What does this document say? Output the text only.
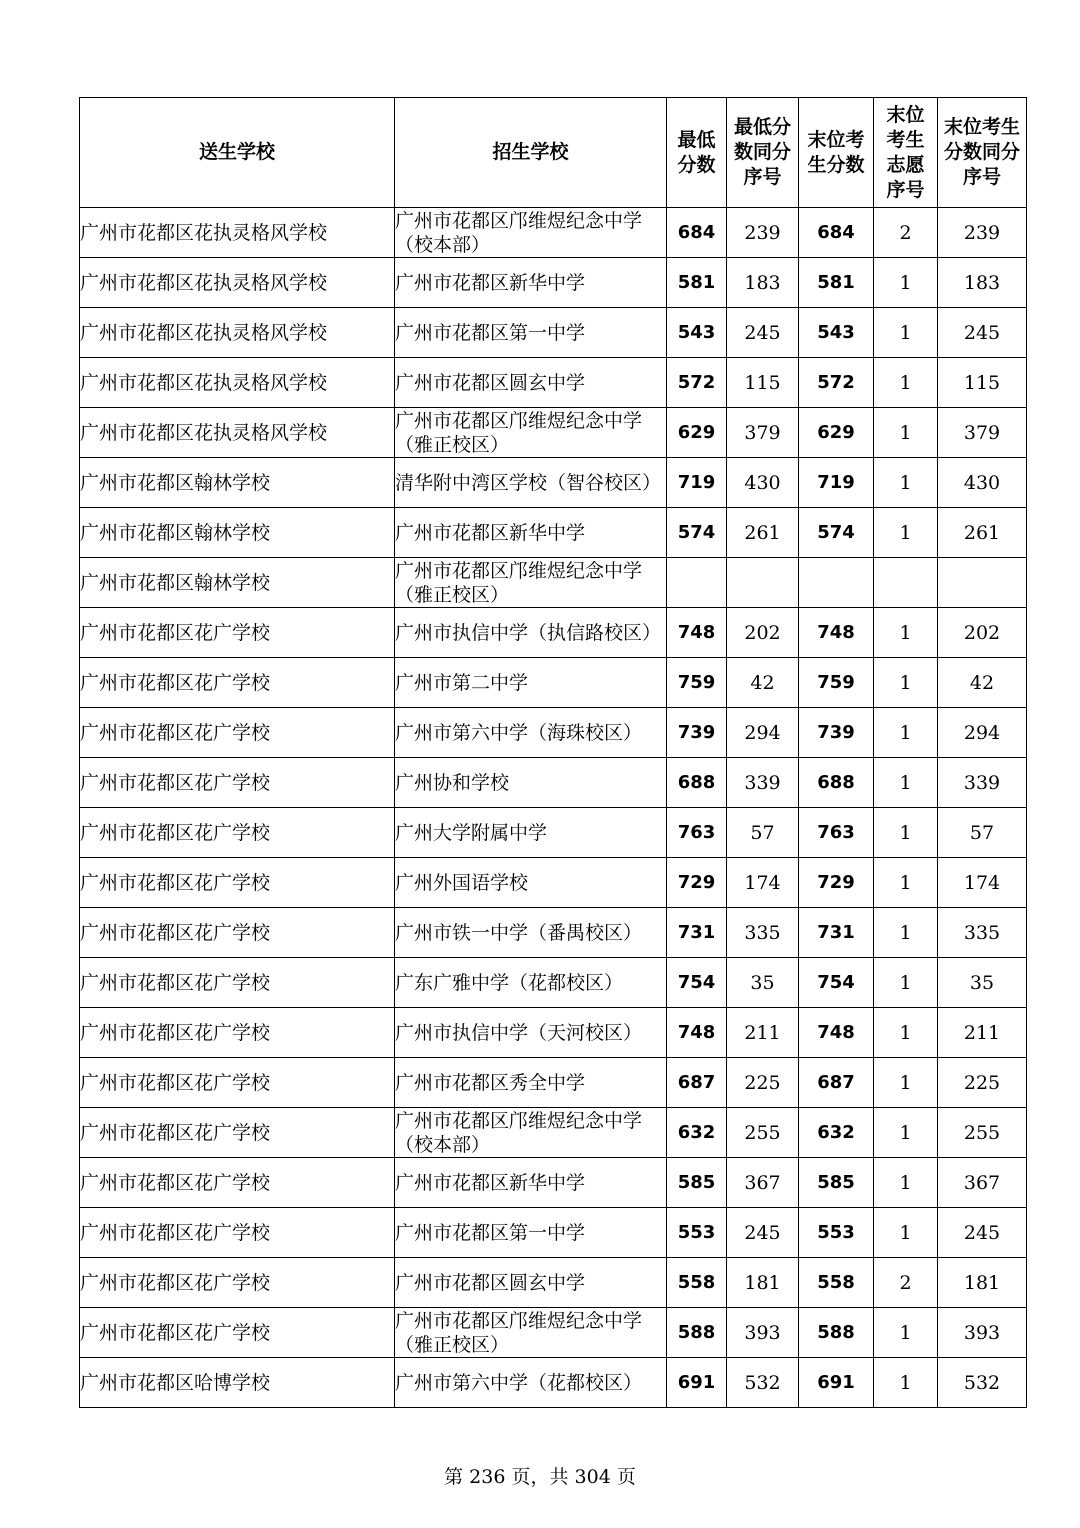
送生学校	招生学校	最低分数	最低分数同分序号	末位考生分数	末位考生志愿序号	末位考生分数同分序号

广州市花都区花执灵格风学校	广州市花都区邝维煜纪念中学（校本部）	684	239	684	2	239
广州市花都区花执灵格风学校	广州市花都区新华中学	581	183	581	1	183
广州市花都区花执灵格风学校	广州市花都区第一中学	543	245	543	1	245
广州市花都区花执灵格风学校	广州市花都区圆玄中学	572	115	572	1	115
广州市花都区花执灵格风学校	广州市花都区邝维煜纪念中学（雅正校区）	629	379	629	1	379
广州市花都区翰林学校	清华附中湾区学校（智谷校区）	719	430	719	1	430
广州市花都区翰林学校	广州市花都区新华中学	574	261	574	1	261
广州市花都区翰林学校	广州市花都区邝维煜纪念中学（雅正校区）					
广州市花都区花广学校	广州市执信中学（执信路校区）	748	202	748	1	202
广州市花都区花广学校	广州市第二中学	759	42	759	1	42
广州市花都区花广学校	广州市第六中学（海珠校区）	739	294	739	1	294
广州市花都区花广学校	广州协和学校	688	339	688	1	339
广州市花都区花广学校	广州大学附属中学	763	57	763	1	57
广州市花都区花广学校	广州外国语学校	729	174	729	1	174
广州市花都区花广学校	广州市铁一中学（番禺校区）	731	335	731	1	335
广州市花都区花广学校	广东广雅中学（花都校区）	754	35	754	1	35
广州市花都区花广学校	广州市执信中学（天河校区）	748	211	748	1	211
广州市花都区花广学校	广州市花都区秀全中学	687	225	687	1	225
广州市花都区花广学校	广州市花都区邝维煜纪念中学（校本部）	632	255	632	1	255
广州市花都区花广学校	广州市花都区新华中学	585	367	585	1	367
广州市花都区花广学校	广州市花都区第一中学	553	245	553	1	245
广州市花都区花广学校	广州市花都区圆玄中学	558	181	558	2	181
广州市花都区花广学校	广州市花都区邝维煜纪念中学（雅正校区）	588	393	588	1	393
广州市花都区哈博学校	广州市第六中学（花都校区）	691	532	691	1	532
第 236 页，共 304 页
